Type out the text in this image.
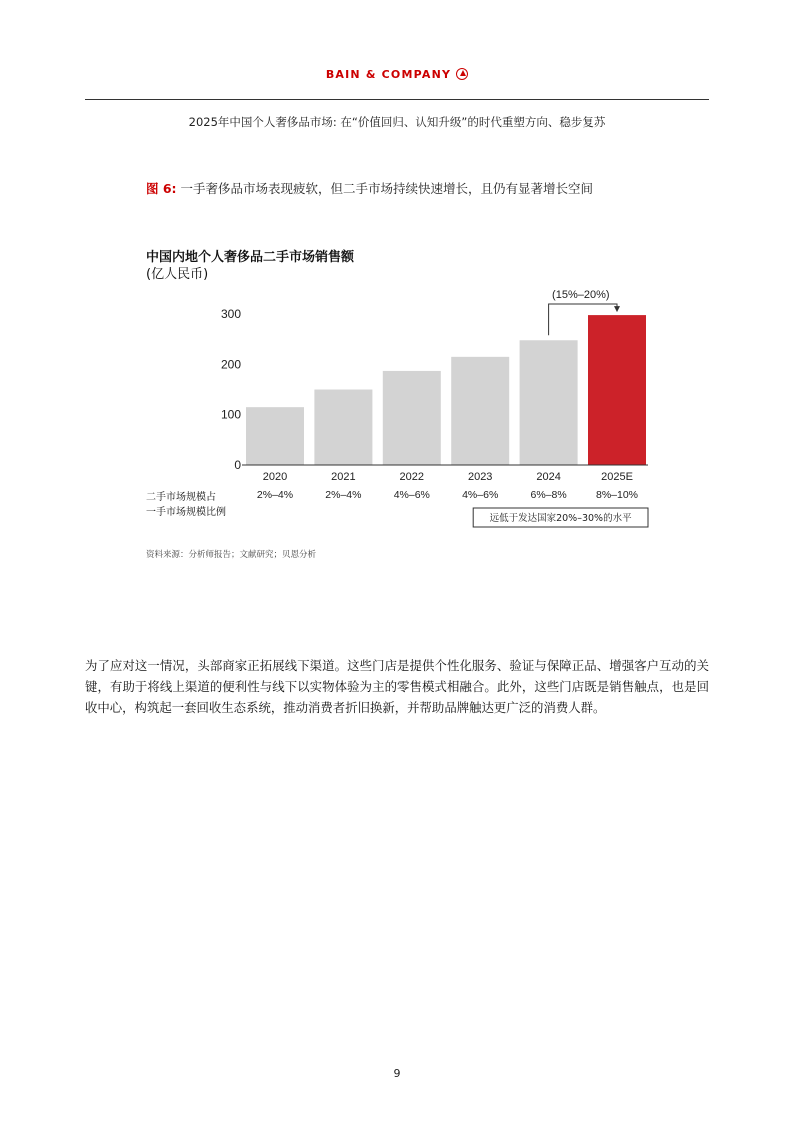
BAIN & COMPANY
2025年中国个人奢侈品市场: 在“价值回归、认知升级”的时代重塑方向、稳步复苏
图 6: 一手奢侈品市场表现疲软，但二手市场持续快速增长，且仍有显著增长空间
中国内地个人奢侈品二手市场销售额
(亿人民币)
0
100
200
300
2020
2%–4%
2021
2%–4%
2022
4%–6%
2023
4%–6%
2024
6%–8%
2025E
8%–10%
(15%–20%)
远低于发达国家20%–30%的水平
二手市场规模占
一手市场规模比例
资料来源：分析师报告；文献研究；贝恩分析
为了应对这一情况，头部商家正拓展线下渠道。这些门店是提供个性化服务、验证与保障正品、增强客户互动的关键，有助于将线上渠道的便利性与线下以实物体验为主的零售模式相融合。此外，这些门店既是销售触点，也是回收中心，构筑起一套回收生态系统，推动消费者折旧换新，并帮助品牌触达更广泛的消费人群。
9
